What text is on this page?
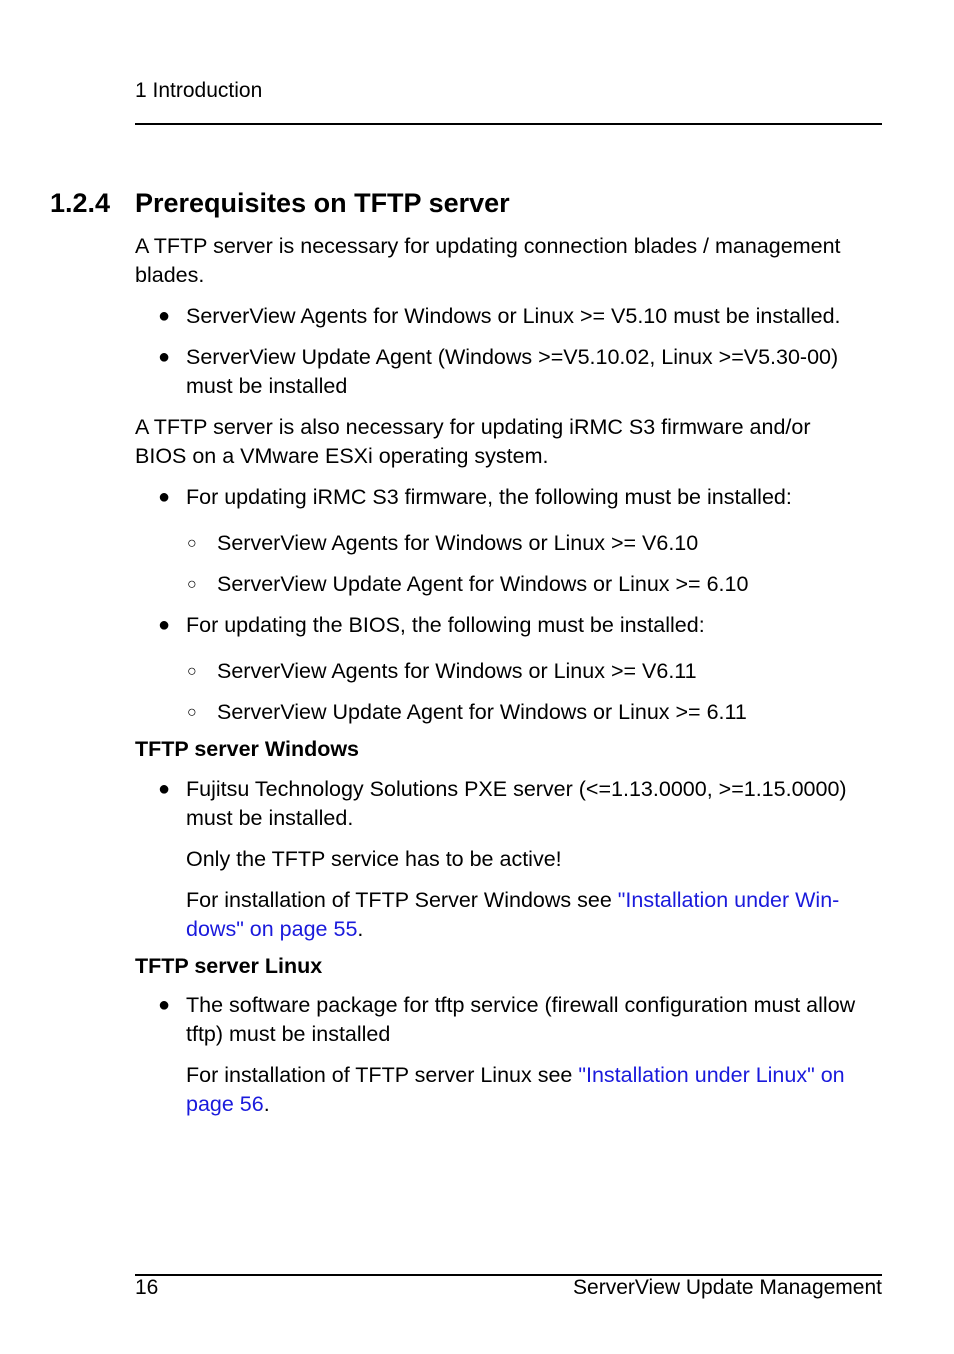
1 Introduction
1.2.4 Prerequisites on TFTP server
A TFTP server is necessary for updating connection blades / management blades.
● ServerView Agents for Windows or Linux >= V5.10 must be installed.
● ServerView Update Agent (Windows >=V5.10.02, Linux >=V5.30-00) must be installed
A TFTP server is also necessary for updating iRMC S3 firmware and/or BIOS on a VMware ESXi operating system.
● For updating iRMC S3 firmware, the following must be installed:
○ ServerView Agents for Windows or Linux >= V6.10
○ ServerView Update Agent for Windows or Linux >= 6.10
● For updating the BIOS, the following must be installed:
○ ServerView Agents for Windows or Linux >= V6.11
○ ServerView Update Agent for Windows or Linux >= 6.11
TFTP server Windows
● Fujitsu Technology Solutions PXE server (<=1.13.0000, >=1.15.0000) must be installed.
Only the TFTP service has to be active!
For installation of TFTP Server Windows see "Installation under Win-dows" on page 55.
TFTP server Linux
● The software package for tftp service (firewall configuration must allow tftp) must be installed
For installation of TFTP server Linux see "Installation under Linux" on page 56.
16	ServerView Update Management
